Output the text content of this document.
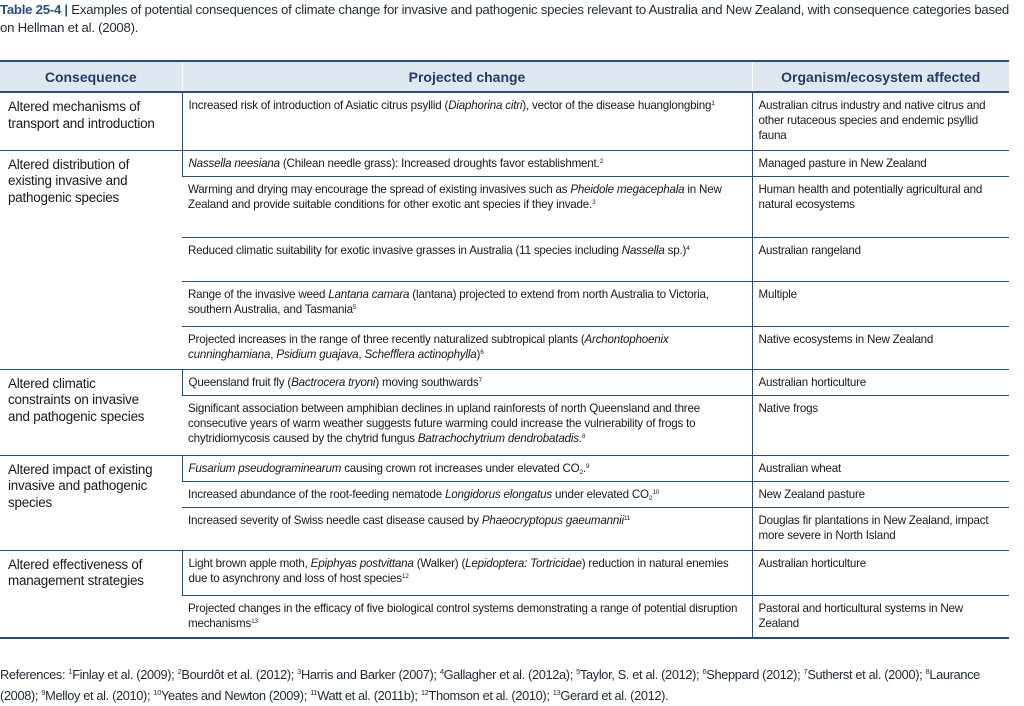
Table 25-4 | Examples of potential consequences of climate change for invasive and pathogenic species relevant to Australia and New Zealand, with consequence categories based on Hellman et al. (2008).
Consequence	Projected change	Organism/ecosystem affected

Altered mechanisms of
transport and introduction	Increased risk of introduction of Asiatic citrus psyllid (Diaphorina citri), vector of the disease huanglongbing$^1$	Australian citrus industry and native citrus and other rutaceous species and endemic psyllid fauna

Altered distribution of
existing invasive and
pathogenic species	Nassella neesiana (Chilean needle grass): Increased droughts favor establishment.$^2$	Managed pasture in New Zealand
	Warming and drying may encourage the spread of existing invasives such as Pheidole megacephala in New Zealand and provide suitable conditions for other exotic ant species if they invade.$^3$	Human health and potentially agricultural and natural ecosystems
	Reduced climatic suitability for exotic invasive grasses in Australia (11 species including Nassella sp.)$^4$	Australian rangeland
	Range of the invasive weed Lantana camara (lantana) projected to extend from north Australia to Victoria, southern Australia, and Tasmania$^5$	Multiple
	Projected increases in the range of three recently naturalized subtropical plants (Archontophoenix cunninghamiana, Psidium guajava, Schefflera actinophylla)$^6$	Native ecosystems in New Zealand

Altered climatic
constraints on invasive
and pathogenic species	Queensland fruit fly (Bactrocera tryoni) moving southwards$^7$	Australian horticulture
	Significant association between amphibian declines in upland rainforests of north Queensland and three consecutive years of warm weather suggests future warming could increase the vulnerability of frogs to chytridiomycosis caused by the chytrid fungus Batrachochytrium dendrobatadis.$^8$	Native frogs

Altered impact of existing
invasive and pathogenic
species	Fusarium pseudograminearum causing crown rot increases under elevated $CO_2.^9$	Australian wheat
	Increased abundance of the root-feeding nematode Longidorus elongatus under elevated $CO_2^{10}$	New Zealand pasture
	Increased severity of Swiss needle cast disease caused by Phaeocryptopus gaeumannii$^{11}$	Douglas fir plantations in New Zealand, impact more severe in North Island

Altered effectiveness of
management strategies	Light brown apple moth, Epiphyas postvittana (Walker) (Lepidoptera: Tortricidae) reduction in natural enemies due to asynchrony and loss of host species$^{12}$	Australian horticulture
	Projected changes in the efficacy of five biological control systems demonstrating a range of potential disruption mechanisms$^{13}$	Pastoral and horticultural systems in New Zealand
References: $^1$Finlay et al. (2009); $^2$Bourdôt et al. (2012); $^3$Harris and Barker (2007); $^4$Gallagher et al. (2012a); $^5$Taylor, S. et al. (2012); $^6$Sheppard (2012); $^7$Sutherst et al. (2000); $^8$Laurance (2008); $^9$Melloy et al. (2010); $^{10}$Yeates and Newton (2009); $^{11}$Watt et al. (2011b); $^{12}$Thomson et al. (2010); $^{13}$Gerard et al. (2012).
